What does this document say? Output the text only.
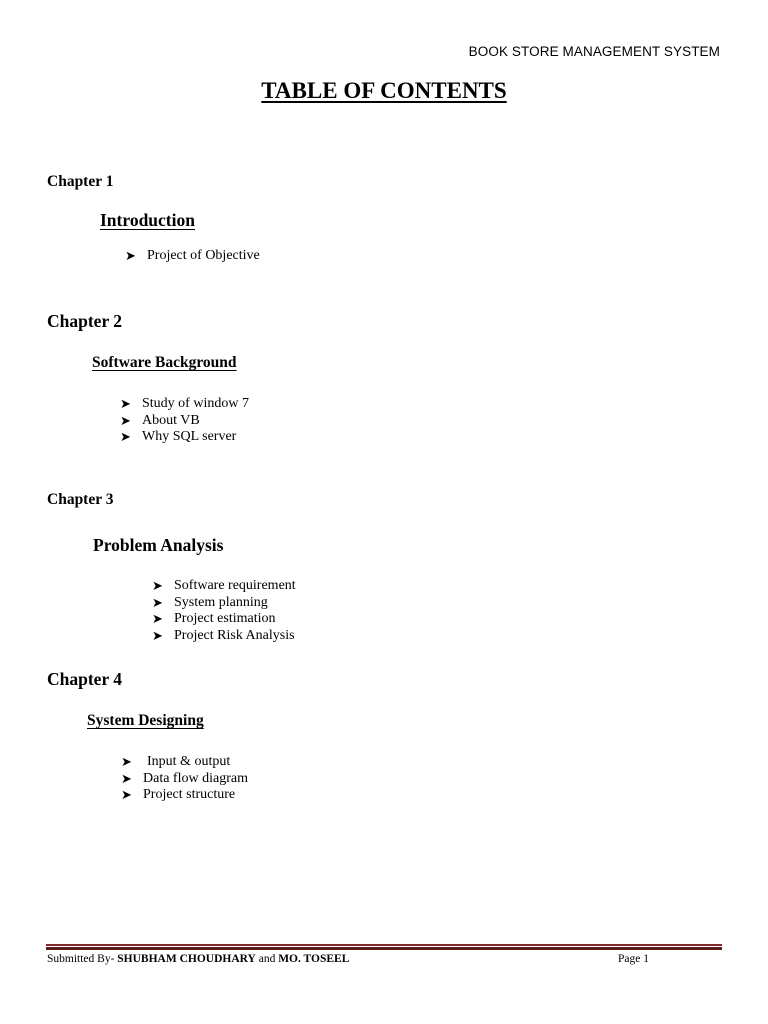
BOOK STORE MANAGEMENT SYSTEM
TABLE OF CONTENTS
Chapter 1
Introduction
➤ Project of Objective
Chapter 2
Software Background
➤ Study of window 7
➤ About VB
➤ Why SQL server
Chapter 3
Problem Analysis
➤ Software requirement
➤ System planning
➤ Project estimation
➤ Project Risk Analysis
Chapter 4
System Designing
➤ Input & output
➤ Data flow diagram
➤ Project structure
Submitted By- SHUBHAM CHOUDHARY and MO. TOSEEL	Page 1
